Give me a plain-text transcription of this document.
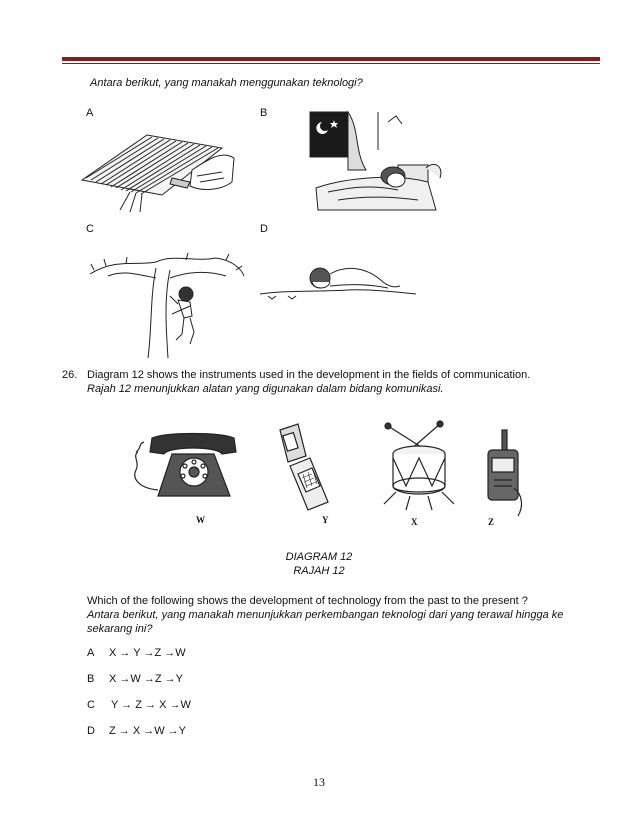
Antara berikut, yang manakah menggunakan teknologi?
A	B
C	D
26. Diagram 12 shows the instruments used in the development in the fields of communication.
Rajah 12 menunjukkan alatan yang digunakan dalam bidang komunikasi.
W	Y	X	Z
DIAGRAM 12
RAJAH 12
Which of the following shows the development of technology from the past to the present ?
Antara berikut, yang manakah menunjukkan perkembangan teknologi dari yang terawal hingga ke
sekarang ini?
A X → Y →Z →W
B X →W →Z →Y
C Y → Z → X →W
D Z → X →W →Y
13
